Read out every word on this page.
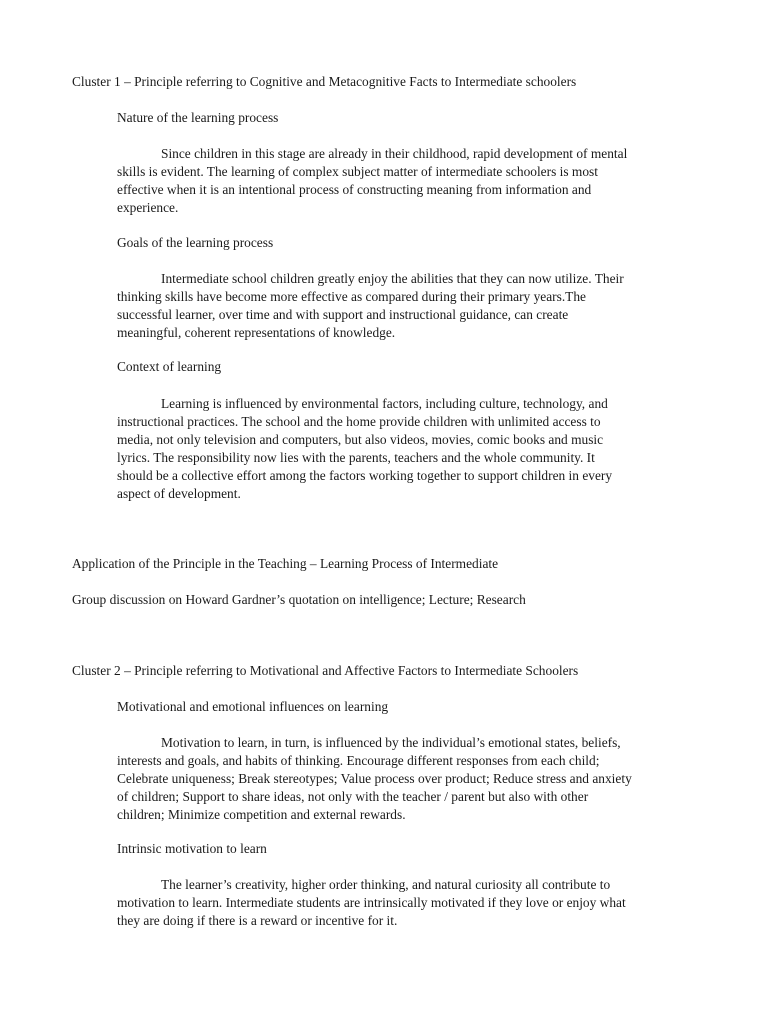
Cluster 1 – Principle referring to Cognitive and Metacognitive Facts to Intermediate schoolers

Nature of the learning process

Since children in this stage are already in their childhood, rapid development of mental
skills is evident. The learning of complex subject matter of intermediate schoolers is most
effective when it is an intentional process of constructing meaning from information and
experience.

Goals of the learning process

Intermediate school children greatly enjoy the abilities that they can now utilize. Their
thinking skills have become more effective as compared during their primary years.The
successful learner, over time and with support and instructional guidance, can create
meaningful, coherent representations of knowledge.

Context of learning

Learning is influenced by environmental factors, including culture, technology, and
instructional practices. The school and the home provide children with unlimited access to
media, not only television and computers, but also videos, movies, comic books and music
lyrics. The responsibility now lies with the parents, teachers and the whole community. It
should be a collective effort among the factors working together to support children in every
aspect of development.

Application of the Principle in the Teaching – Learning Process of Intermediate

Group discussion on Howard Gardner’s quotation on intelligence; Lecture; Research

Cluster 2 – Principle referring to Motivational and Affective Factors to Intermediate Schoolers

Motivational and emotional influences on learning

Motivation to learn, in turn, is influenced by the individual’s emotional states, beliefs,
interests and goals, and habits of thinking. Encourage different responses from each child;
Celebrate uniqueness; Break stereotypes; Value process over product; Reduce stress and anxiety
of children; Support to share ideas, not only with the teacher / parent but also with other
children; Minimize competition and external rewards.

Intrinsic motivation to learn

The learner’s creativity, higher order thinking, and natural curiosity all contribute to
motivation to learn. Intermediate students are intrinsically motivated if they love or enjoy what
they are doing if there is a reward or incentive for it.
